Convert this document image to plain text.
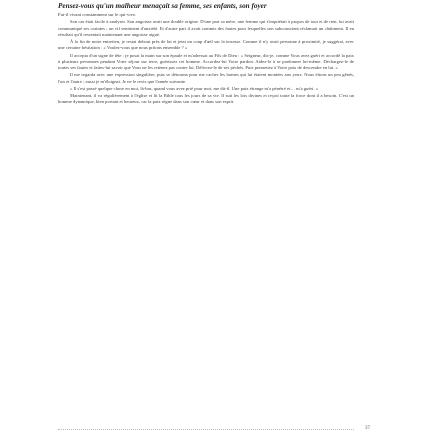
Pensez-vous qu'un malheur menaçait sa femme, ses enfants, son foyer

Fut-il vivant constamment sur le qui-vive.

Son cas était facile à analyser. Son angoisse avait une double origine. D'une part sa mère, une femme qui s'inquiétait à propos de tout et de rien, lui avait communiqué ses craintes ; un vif sentiment d'anxiété. Et d'autre part il avait commis des fautes pour lesquelles son subconscient réclamait un châtiment. Il en résultait qu'il ressentait maintenant une angoisse aiguë.

À la fin de notre entretien, je restai debout près de lui et jetai un coup d'œil sur la terrasse. Comme il n'y avait personne à proximité, je suggérai, avec une certaine hésitation : « Voulez-vous que nous priions ensemble ? »

Il accepta d'un signe de tête ; je posai la main sur son épaule et m'adressai au Fils de Dieu : « Seigneur, dis-je, comme Vous avez guéri et accordé la paix à plusieurs personnes pendant Votre séjour sur terre, guérissez cet homme. Accordez-lui Votre pardon. Aidez-le à se pardonner lui-même. Déchargez-le de toutes ses fautes et faites-lui savoir que Vous ne les retenez pas contre lui. Délivrez-le de ses péchés. Puis permettez à Votre paix de descendre en lui. »

Il me regarda avec une expression singulière, puis se détourna pour me cacher les larmes qui lui étaient montées aux yeux. Nous étions un peu gênés, l'un et l'autre ; aussi je m'éloignai. Je ne le revis que l'année suivante.

« Il s'est passé quelque chose en moi, là-bas, quand vous avez prié pour moi, me dit-il. Une paix étrange m'a pénétré et… m'a guéri. »

Maintenant, il va régulièrement à l'église et lit la Bible tous les jours de sa vie. Il suit les lois divines et reçoit toute la force dont il a besoin. C'est un homme dynamique, bien portant et heureux, car la paix règne dans son cœur et dans son esprit.

37
